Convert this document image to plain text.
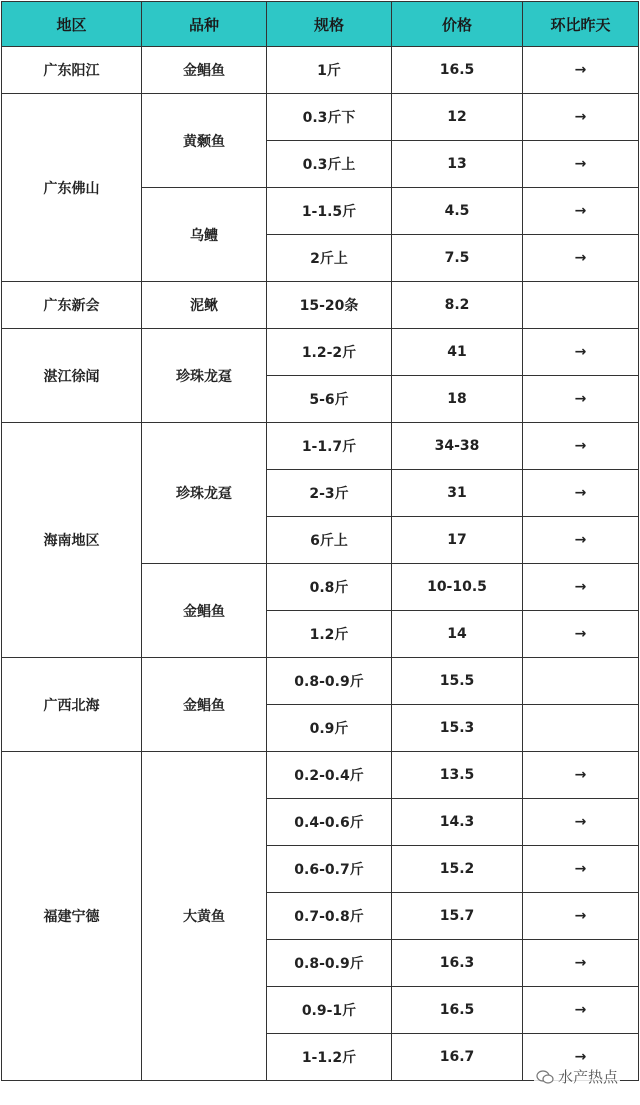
地区	品种	规格	价格	环比昨天
广东阳江	金鲳鱼	1斤	16.5	→
广东佛山	黄颡鱼	0.3斤下	12	→
		0.3斤上	13	→
	乌鳢	1-1.5斤	4.5	→
		2斤上	7.5	→
广东新会	泥鳅	15-20条	8.2	
湛江徐闻	珍珠龙趸	1.2-2斤	41	→
		5-6斤	18	→
海南地区	珍珠龙趸	1-1.7斤	34-38	→
		2-3斤	31	→
		6斤上	17	→
	金鲳鱼	0.8斤	10-10.5	→
		1.2斤	14	→
广西北海	金鲳鱼	0.8-0.9斤	15.5	
		0.9斤	15.3	
福建宁德	大黄鱼	0.2-0.4斤	13.5	→
		0.4-0.6斤	14.3	→
		0.6-0.7斤	15.2	→
		0.7-0.8斤	15.7	→
		0.8-0.9斤	16.3	→
		0.9-1斤	16.5	→
		1-1.2斤	16.7	→
水产热点
